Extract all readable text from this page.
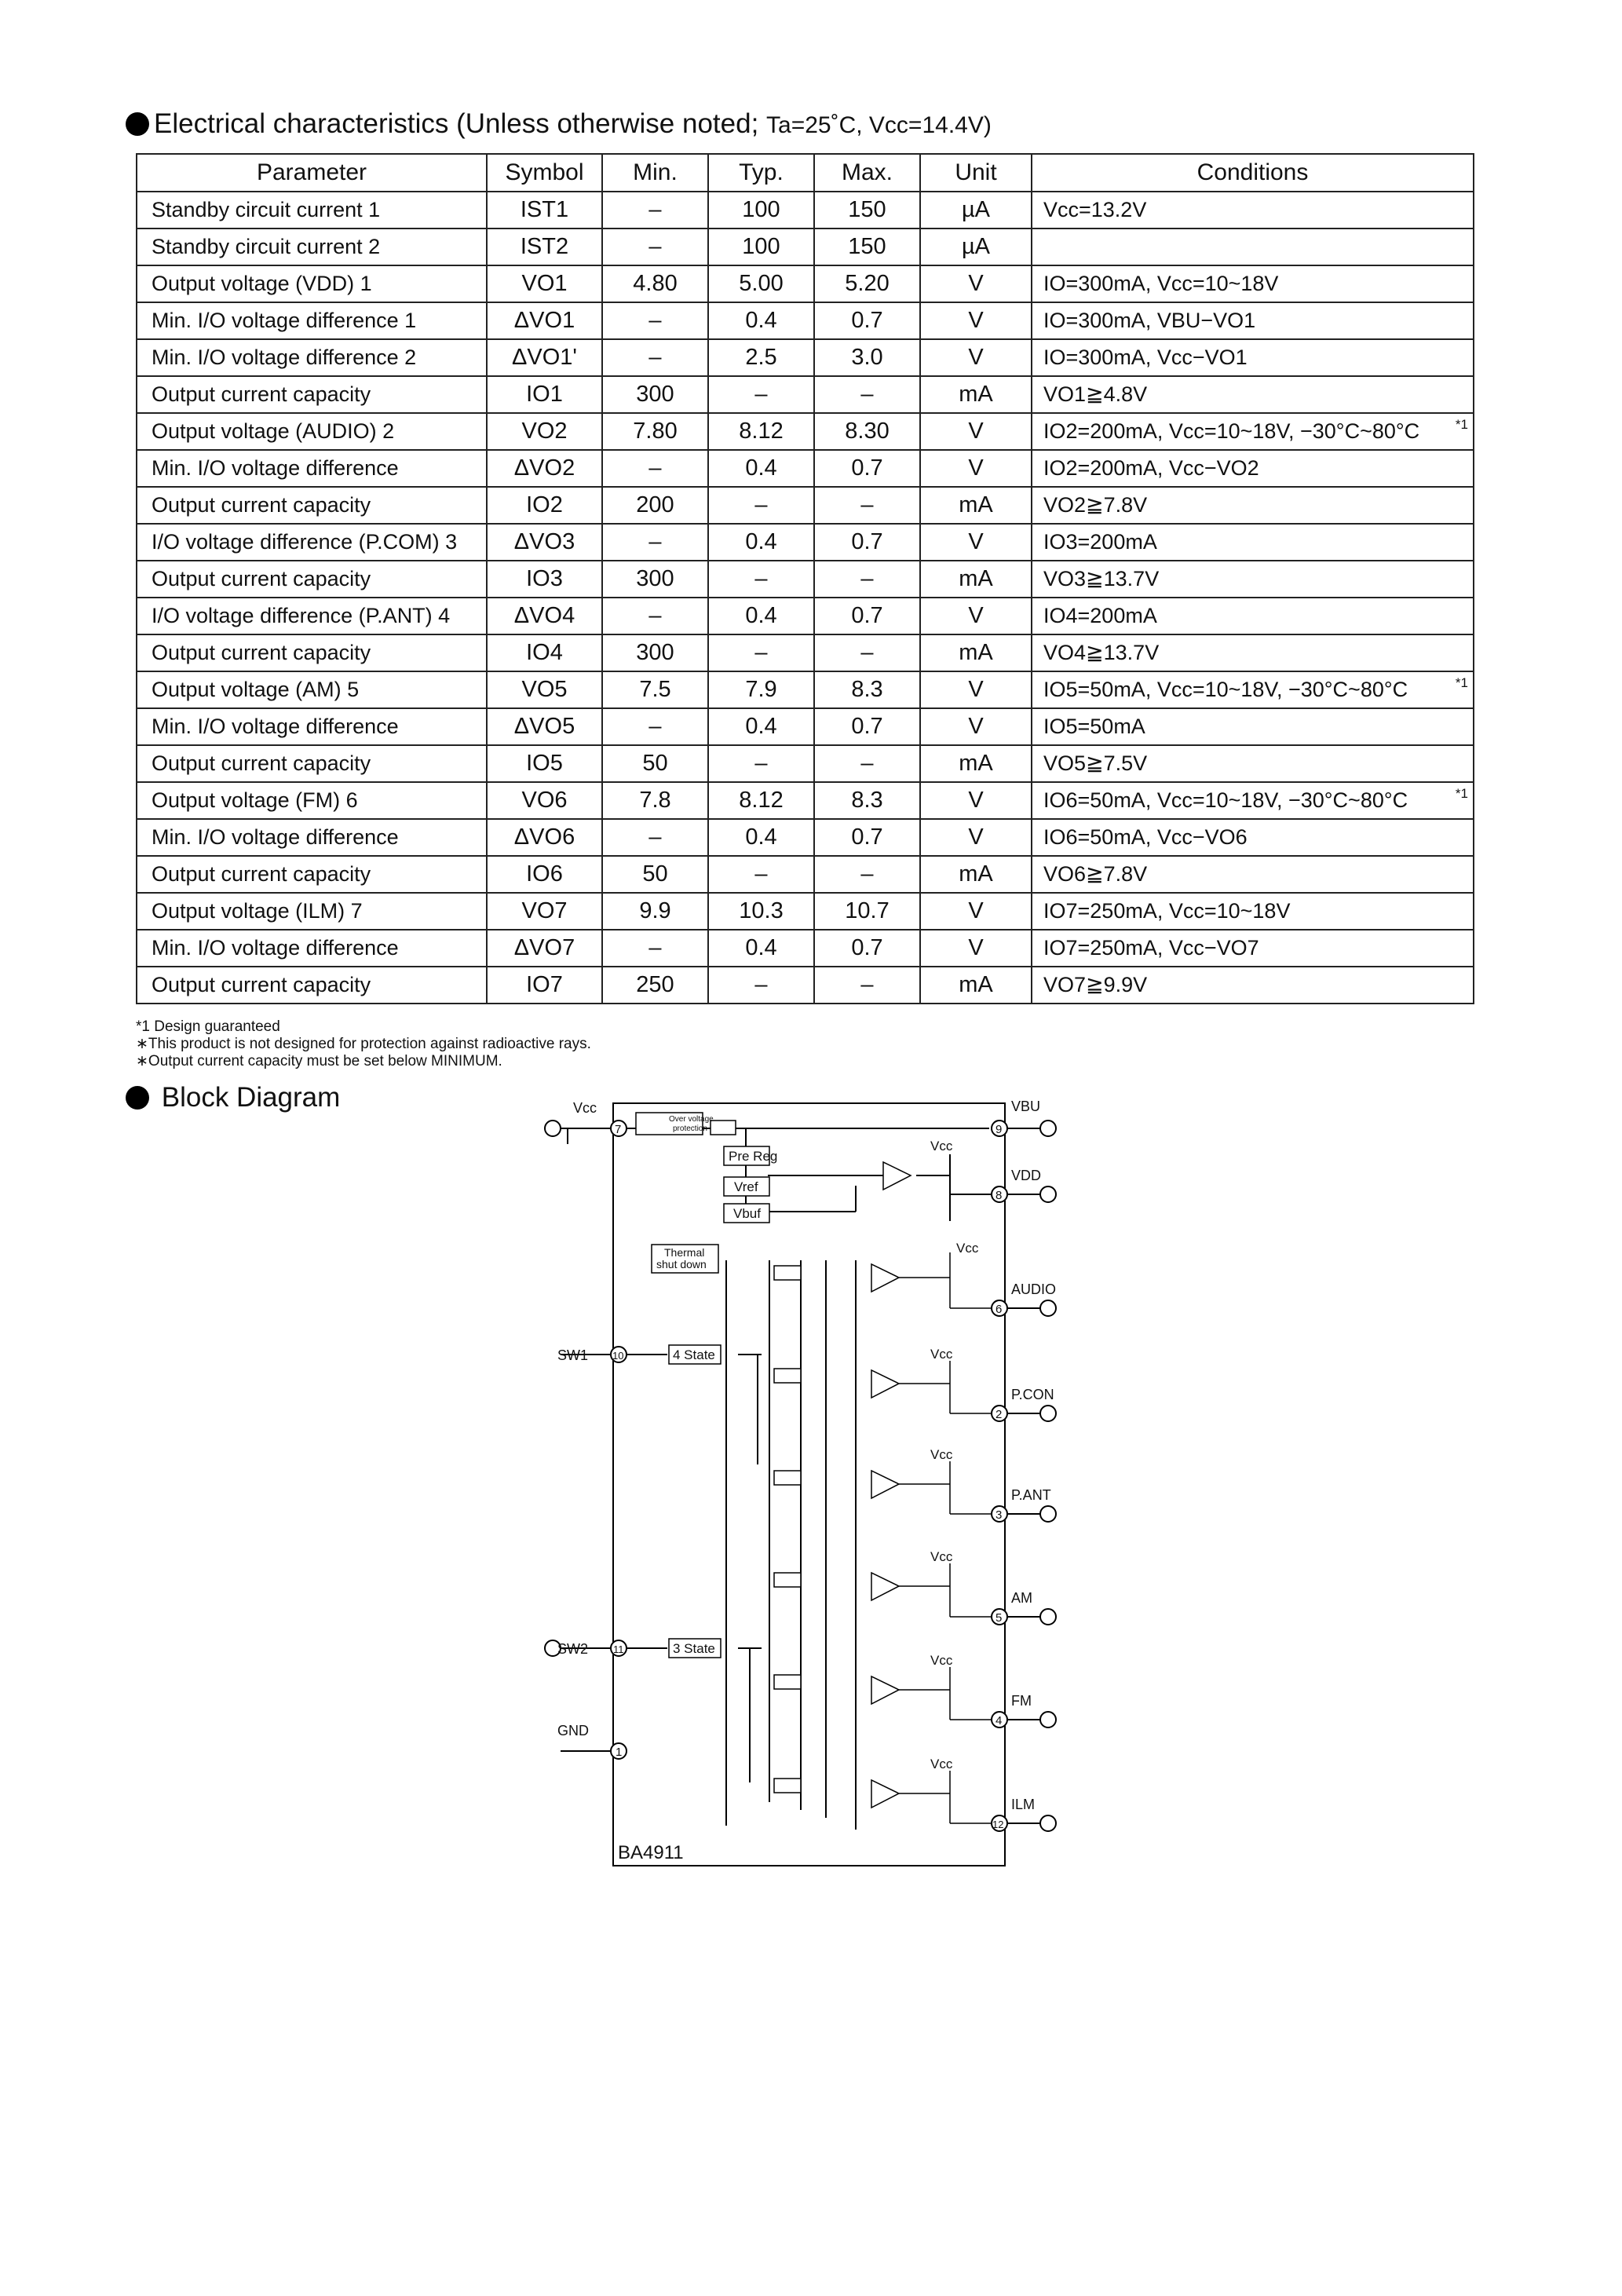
Electrical characteristics (Unless otherwise noted; Ta=25˚C, Vcc=14.4V)
Parameter	Symbol	Min.	Typ.	Max.	Unit	Conditions
Standby circuit current 1	IST1	–	100	150	µA	Vcc=13.2V
Standby circuit current 2	IST2	–	100	150	µA	
Output voltage (VDD) 1	VO1	4.80	5.00	5.20	V	IO=300mA, Vcc=10~18V
Min. I/O voltage difference 1	ΔVO1	–	0.4	0.7	V	IO=300mA, VBU−VO1
Min. I/O voltage difference 2	ΔVO1'	–	2.5	3.0	V	IO=300mA, Vcc−VO1
Output current capacity	IO1	300	–	–	mA	VO1≧4.8V
Output voltage (AUDIO) 2	VO2	7.80	8.12	8.30	V	IO2=200mA, Vcc=10~18V, −30°C~80°C *1

Min. I/O voltage difference	ΔVO2	–	0.4	0.7	V	IO2=200mA, Vcc−VO2
Output current capacity	IO2	200	–	–	mA	VO2≧7.8V
I/O voltage difference (P.COM) 3	ΔVO3	–	0.4	0.7	V	IO3=200mA
Output current capacity	IO3	300	–	–	mA	VO3≧13.7V
I/O voltage difference (P.ANT) 4	ΔVO4	–	0.4	0.7	V	IO4=200mA
Output current capacity	IO4	300	–	–	mA	VO4≧13.7V
Output voltage (AM) 5	VO5	7.5	7.9	8.3	V	IO5=50mA, Vcc=10~18V, −30°C~80°C *1

Min. I/O voltage difference	ΔVO5	–	0.4	0.7	V	IO5=50mA
Output current capacity	IO5	50	–	–	mA	VO5≧7.5V
Output voltage (FM) 6	VO6	7.8	8.12	8.3	V	IO6=50mA, Vcc=10~18V, −30°C~80°C *1

Min. I/O voltage difference	ΔVO6	–	0.4	0.7	V	IO6=50mA, Vcc−VO6
Output current capacity	IO6	50	–	–	mA	VO6≧7.8V
Output voltage (ILM) 7	VO7	9.9	10.3	10.7	V	IO7=250mA, Vcc=10~18V
Min. I/O voltage difference	ΔVO7	–	0.4	0.7	V	IO7=250mA, Vcc−VO7
Output current capacity	IO7	250	–	–	mA	VO7≧9.9V
*1 Design guaranteed
∗This product is not designed for protection against radioactive rays.
∗Output current capacity must be set below MINIMUM.
Block Diagram	Vcc
7
SW1 10
SW2 11
GND
1
VBU
9
VDD
8
AUDIO
6
P.CON
2
P.ANT
3
AM
5
FM
4
ILM
12
Over voltage
protection
Pre Reg
Vref
Vbuf
Thermal
shut down
4 State
3 State
Vcc
Vcc
Vcc
Vcc
Vcc
Vcc
Vcc
BA4911
